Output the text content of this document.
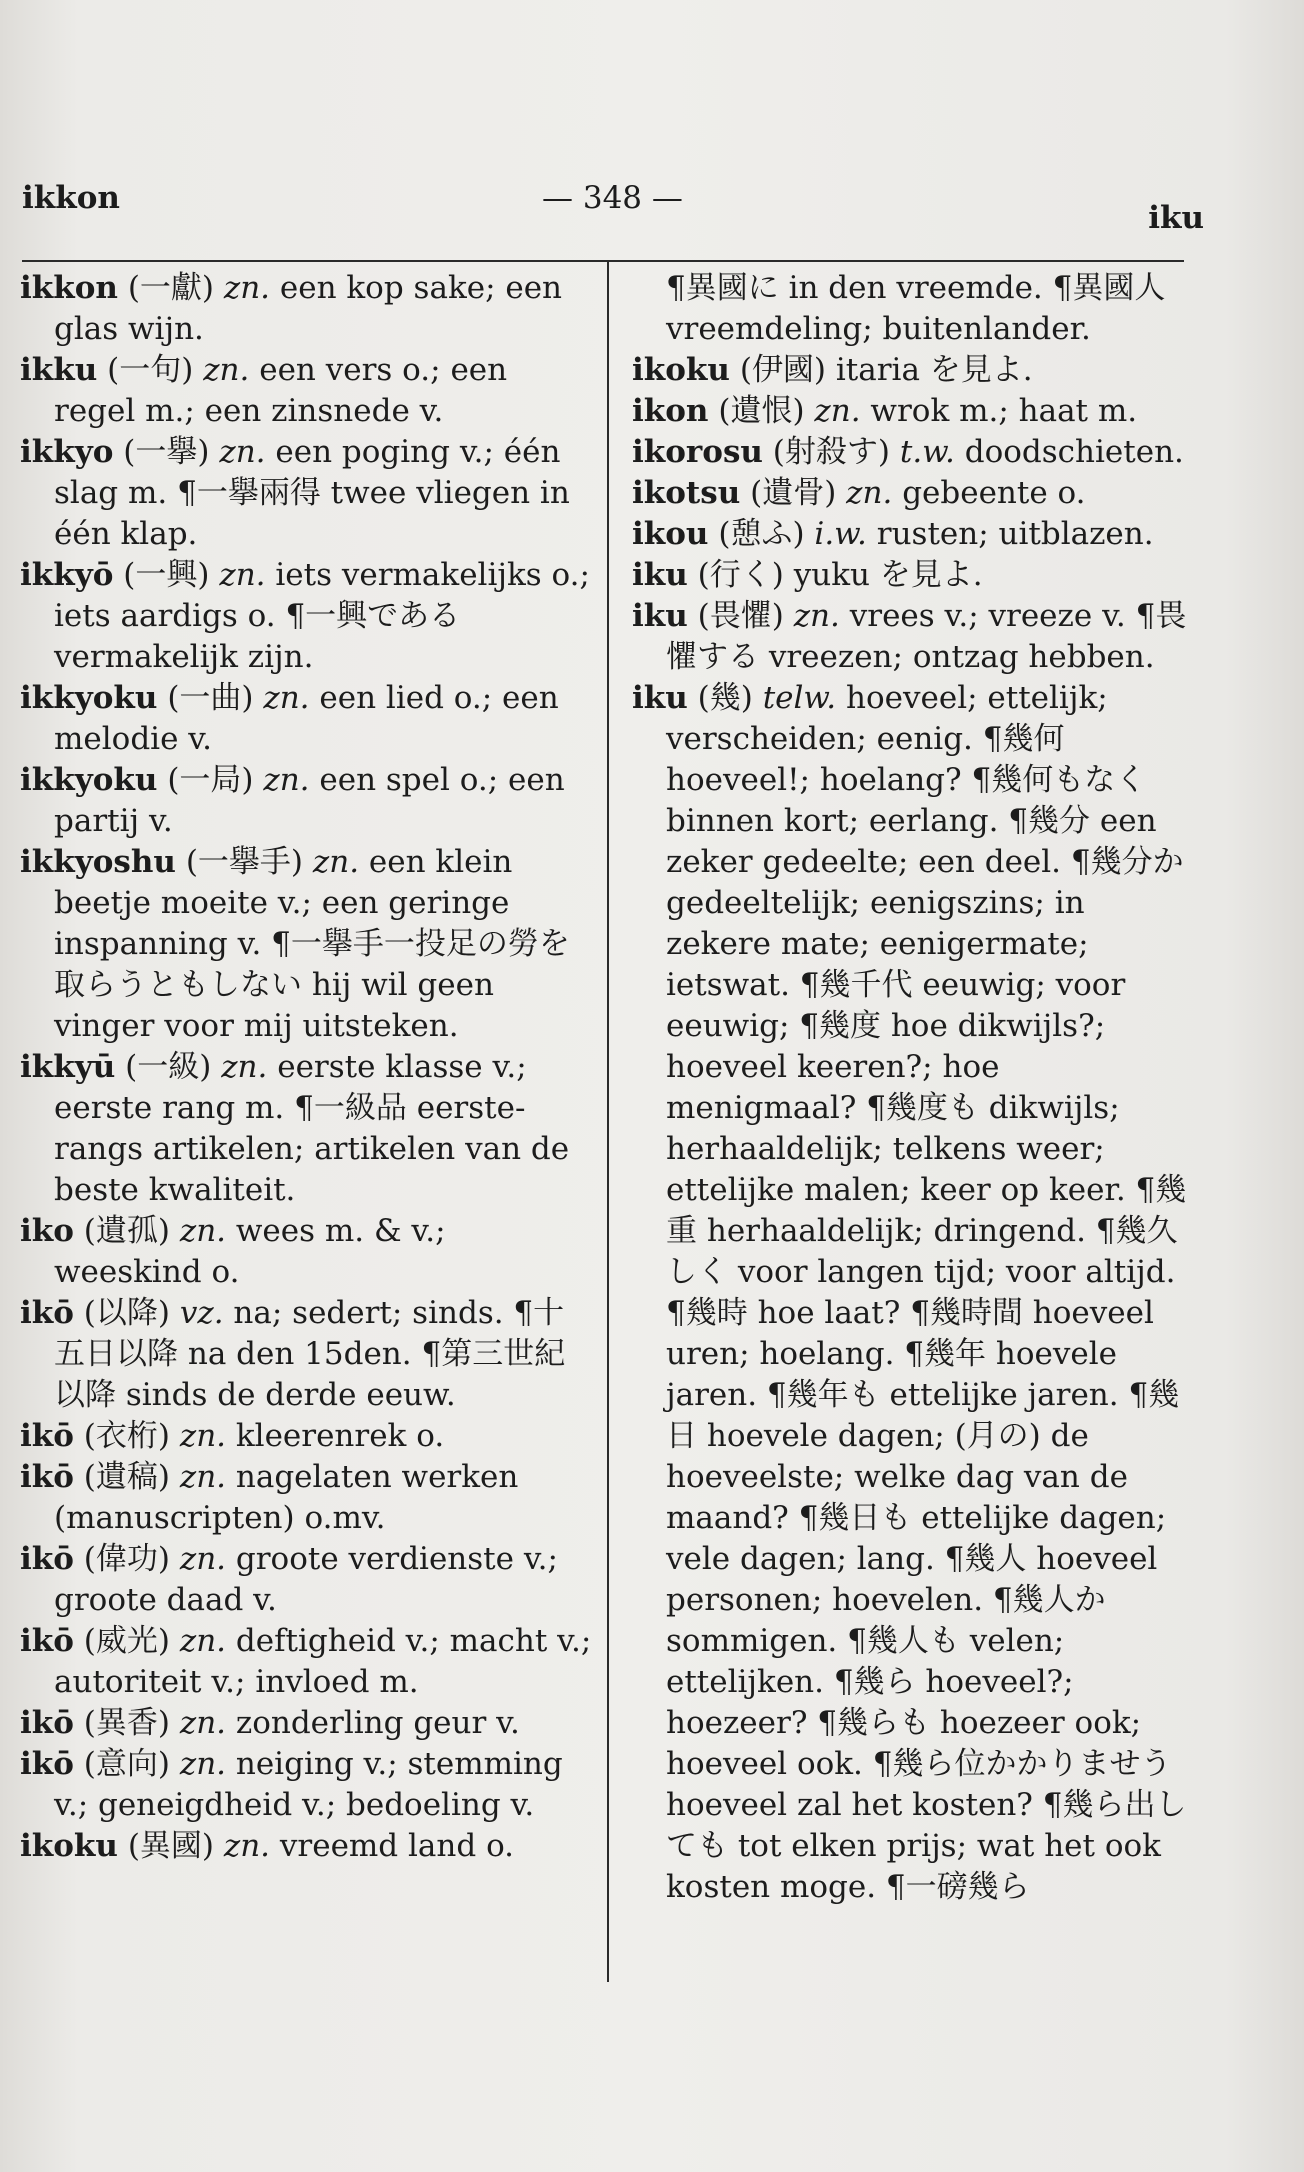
ikkon	— 348 —
iku

ikkon (一獻) zn. een kop sake; een glas wijn.

ikku (一句) zn. een vers o.; een regel m.; een zinsnede v.

ikkyo (一擧) zn. een poging v.; één slag m. ¶一擧兩得 twee vliegen in één klap.

ikkyō (一興) zn. iets vermakelijks o.; iets aardigs o. ¶一興である vermakelijk zijn.

ikkyoku (一曲) zn. een lied o.; een melodie v.

ikkyoku (一局) zn. een spel o.; een partij v.

ikkyoshu (一擧手) zn. een klein beetje moeite v.; een geringe inspanning v. ¶一擧手一投足の勞を取らうともしない hij wil geen vinger voor mij uitsteken.

ikkyū (一級) zn. eerste klasse v.; eerste rang m. ¶一級品 eerste-rangs artikelen; artikelen van de beste kwaliteit.

iko (遺孤) zn. wees m. & v.; weeskind o.

ikō (以降) vz. na; sedert; sinds. ¶十五日以降 na den 15den. ¶第三世紀以降 sinds de derde eeuw.

ikō (衣桁) zn. kleerenrek o.

ikō (遺稿) zn. nagelaten werken (manuscripten) o.mv.

ikō (偉功) zn. groote verdienste v.; groote daad v.

ikō (威光) zn. deftigheid v.; macht v.; autoriteit v.; invloed m.

ikō (異香) zn. zonderling geur v.

ikō (意向) zn. neiging v.; stemming v.; geneigdheid v.; bedoeling v.

ikoku (異國) zn. vreemd land o.

¶異國に in den vreemde. ¶異國人 vreemdeling; buitenlander.

ikoku (伊國) itaria を見よ.

ikon (遺恨) zn. wrok m.; haat m.

ikorosu (射殺す) t.w. doodschieten.

ikotsu (遺骨) zn. gebeente o.

ikou (憩ふ) i.w. rusten; uitblazen.

iku (行く) yuku を見よ.

iku (畏懼) zn. vrees v.; vreeze v. ¶畏懼する vreezen; ontzag hebben.

iku (幾) telw. hoeveel; ettelijk; verscheiden; eenig. ¶幾何 hoeveel!; hoelang? ¶幾何もなく binnen kort; eerlang. ¶幾分 een zeker gedeelte; een deel. ¶幾分か gedeeltelijk; eenigszins; in zekere mate; eenigermate; ietswat. ¶幾千代 eeuwig; voor eeuwig; ¶幾度 hoe dikwijls?; hoeveel keeren?; hoe menigmaal? ¶幾度も dikwijls; herhaaldelijk; telkens weer; ettelijke malen; keer op keer. ¶幾重 herhaaldelijk; dringend. ¶幾久しく voor langen tijd; voor altijd. ¶幾時 hoe laat? ¶幾時間 hoeveel uren; hoelang. ¶幾年 hoevele jaren. ¶幾年も ettelijke jaren. ¶幾日 hoevele dagen; (月の) de hoeveelste; welke dag van de maand? ¶幾日も ettelijke dagen; vele dagen; lang. ¶幾人 hoeveel personen; hoevelen. ¶幾人か sommigen. ¶幾人も velen; ettelijken. ¶幾ら hoeveel?; hoezeer? ¶幾らも hoezeer ook; hoeveel ook. ¶幾ら位かかりませう hoeveel zal het kosten? ¶幾ら出しても tot elken prijs; wat het ook kosten moge. ¶一磅幾ら
